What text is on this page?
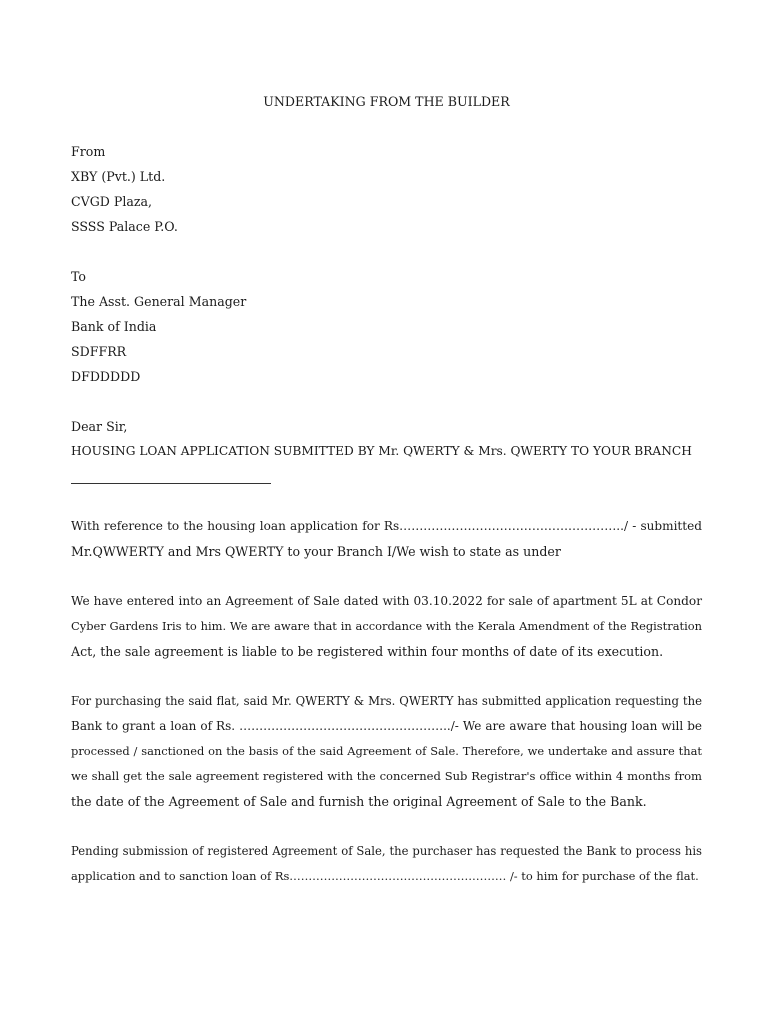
UNDERTAKING FROM THE BUILDER
From
XBY (Pvt.) Ltd.
CVGD Plaza,
SSSS Palace P.O.
To
The Asst. General Manager
Bank of India
SDFFRR
DFDDDDD
Dear Sir,
HOUSING LOAN APPLICATION SUBMITTED BY Mr. QWERTY & Mrs. QWERTY TO YOUR BRANCH
With reference to the housing loan application for Rs………………………………………………../ - submitted
Mr.QWWERTY and Mrs QWERTY to your Branch I/We wish to state as under
We have entered into an Agreement of Sale dated with 03.10.2022 for sale of apartment 5L at Condor
Cyber Gardens Iris to him. We are aware that in accordance with the Kerala Amendment of the Registration
Act, the sale agreement is liable to be registered within four months of date of its execution.
For purchasing the said flat, said Mr. QWERTY & Mrs. QWERTY has submitted application requesting the
Bank to grant a loan of Rs. ……………………………………………../- We are aware that housing loan will be
processed / sanctioned on the basis of the said Agreement of Sale. Therefore, we undertake and assure that
we shall get the sale agreement registered with the concerned Sub Registrar's office within 4 months from
the date of the Agreement of Sale and furnish the original Agreement of Sale to the Bank.
Pending submission of registered Agreement of Sale, the purchaser has requested the Bank to process his
application and to sanction loan of Rs………………………………………………… /- to him for purchase of the flat.
